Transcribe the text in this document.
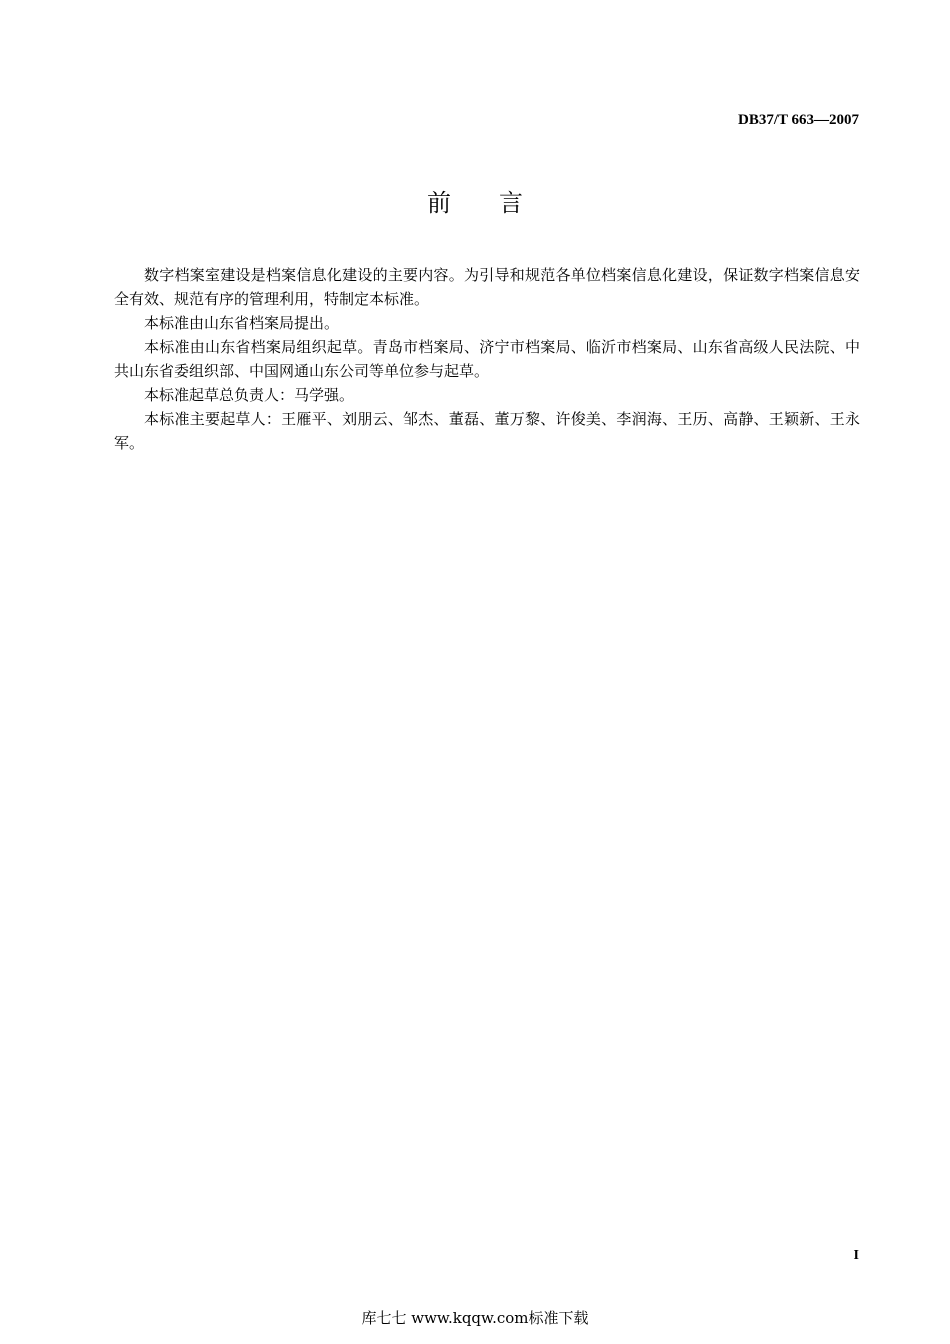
DB37/T 663—2007
前 言

数字档案室建设是档案信息化建设的主要内容。为引导和规范各单位档案信息化建设，保证数字档案信息安全有效、规范有序的管理利用，特制定本标准。

本标准由山东省档案局提出。

本标准由山东省档案局组织起草。青岛市档案局、济宁市档案局、临沂市档案局、山东省高级人民法院、中共山东省委组织部、中国网通山东公司等单位参与起草。

本标准起草总负责人：马学强。

本标准主要起草人：王雁平、刘朋云、邹杰、董磊、董万黎、许俊美、李润海、王历、高静、王颖新、王永军。

I
库七七 www.kqqw.com标准下载
